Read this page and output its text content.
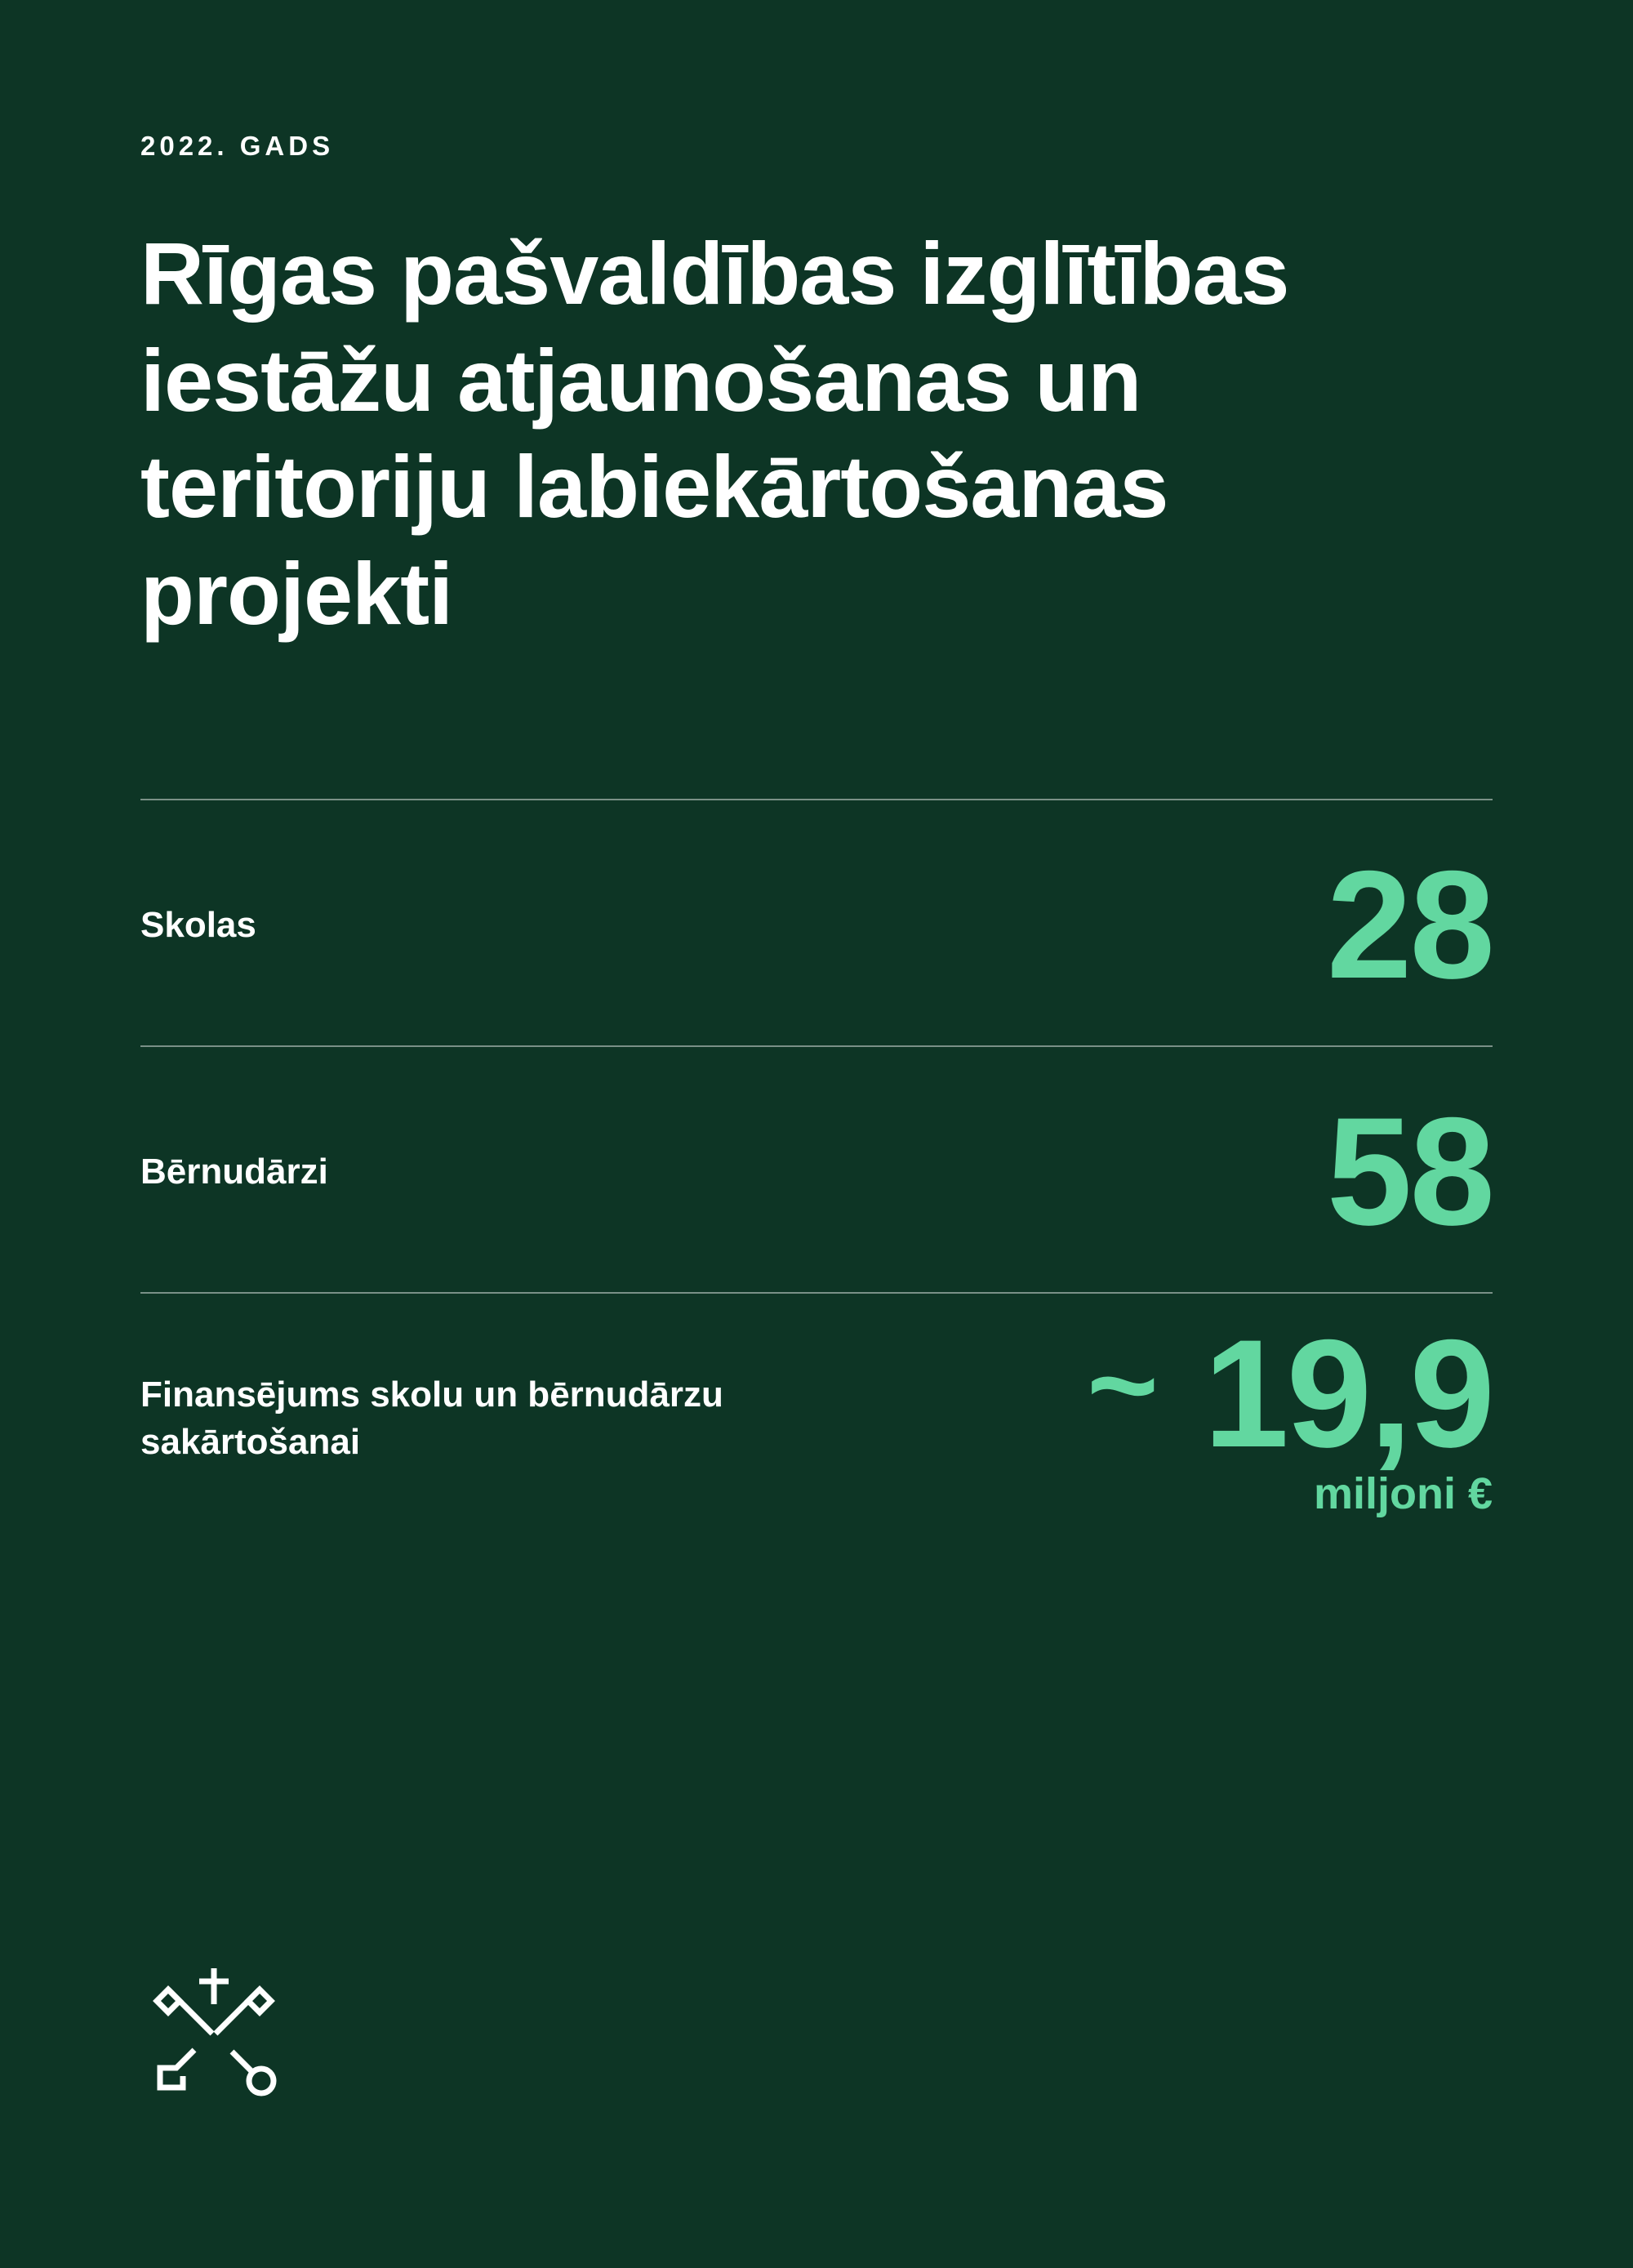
2022. GADS
Rīgas pašvaldības izglītības iestāžu atjaunošanas un teritoriju labiekārtošanas projekti
Skolas	28
Bērnudārzi	58
Finansējums skolu un bērnudārzu sakārtošanai	~ 19,9
miljoni €
